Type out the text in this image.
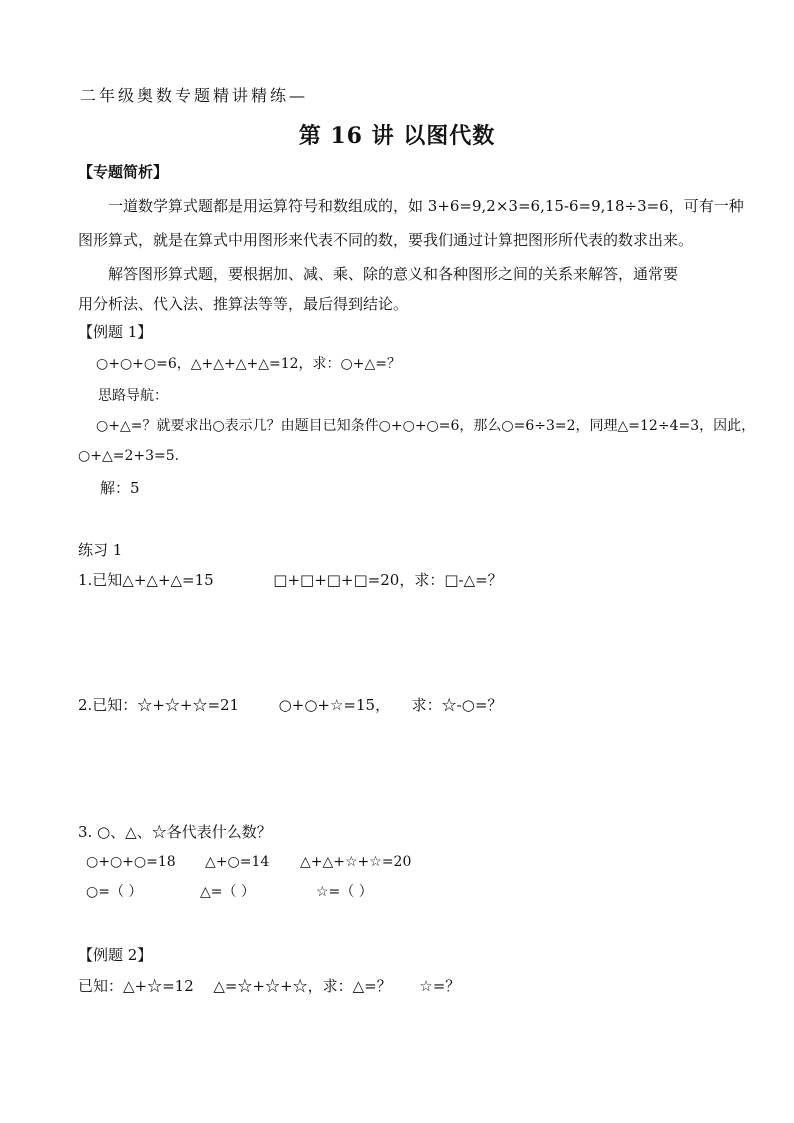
二年级奥数专题精讲精练—
第 16 讲 以图代数
【专题简析】
一道数学算式题都是用运算符号和数组成的，如 3+6=9,2×3=6,15-6=9,18÷3=6，可有一种
图形算式，就是在算式中用图形来代表不同的数，要我们通过计算把图形所代表的数求出来。
解答图形算式题，要根据加、减、乘、除的意义和各种图形之间的关系来解答，通常要
用分析法、代入法、推算法等等，最后得到结论。
【例题 1】
○+○+○=6，△+△+△+△=12，求：○+△=？
思路导航：
○+△=？就要求出○表示几？由题目已知条件○+○+○=6，那么○=6÷3=2，同理△=12÷4=3，因此，
○+△=2+3=5.
解：5
练习 1
1.已知△+△+△=15	□+□+□+□=20，求：□-△=？
2.已知：☆+☆+☆=21	○+○+☆=15， 求：☆-○=？
3. ○、△、☆各代表什么数？
○+○+○=18 △+○=14 △+△+☆+☆=20
○=（ ）	△=（ ）	☆=（ ）
【例题 2】
已知：△+☆=12 △=☆+☆+☆，求：△=？ ☆=？
